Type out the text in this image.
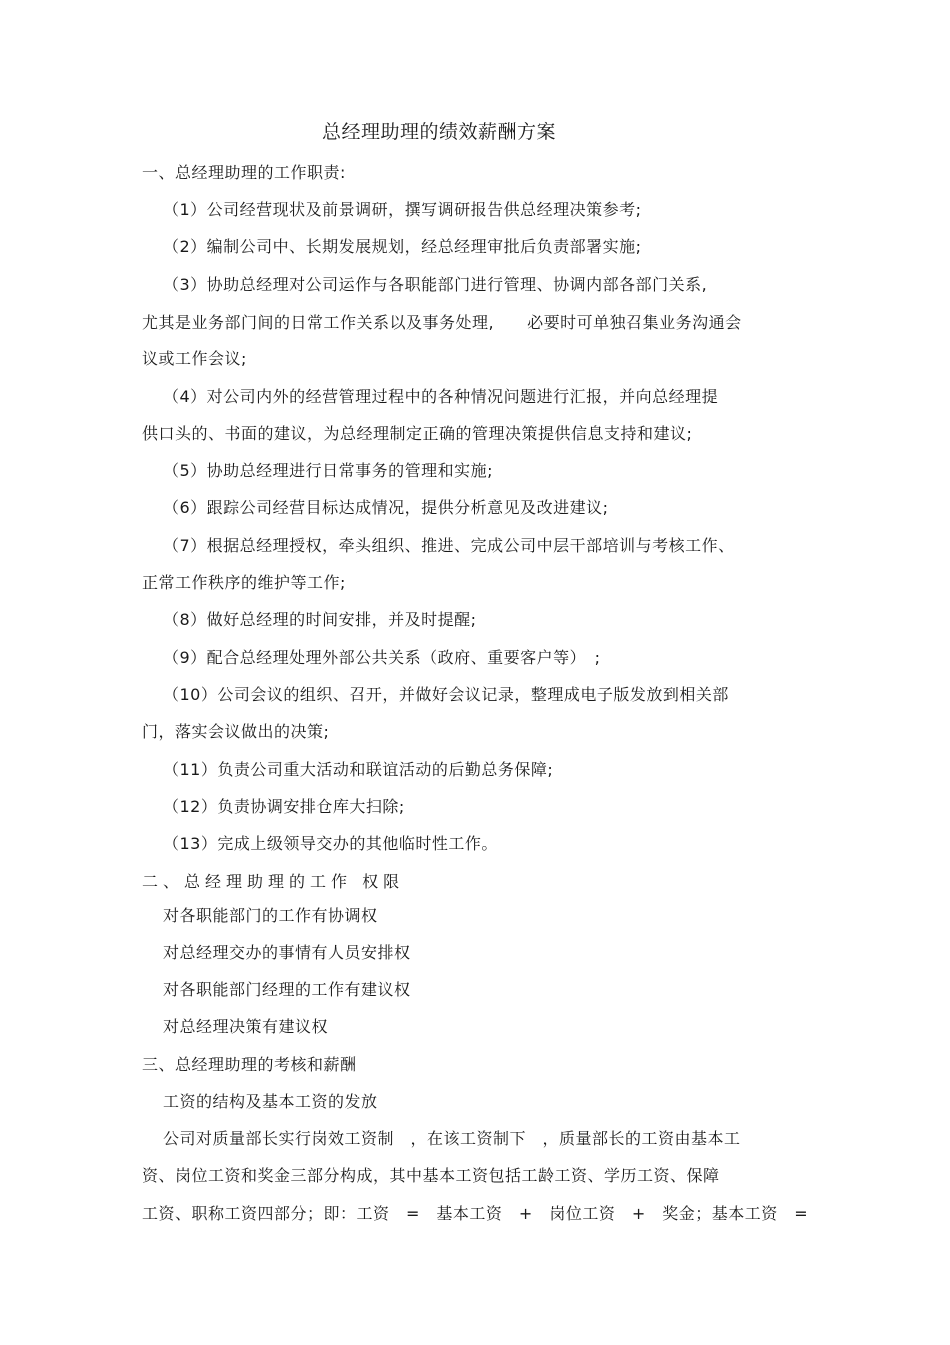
总经理助理的绩效薪酬方案
一、总经理助理的工作职责:
（1）公司经营现状及前景调研，撰写调研报告供总经理决策参考;
（2）编制公司中、长期发展规划，经总经理审批后负责部署实施;
（3）协助总经理对公司运作与各职能部门进行管理、协调内部各部门关系,
尤其是业务部门间的日常工作关系以及事务处理,　　必要时可单独召集业务沟通会
议或工作会议;
（4）对公司内外的经营管理过程中的各种情况问题进行汇报，并向总经理提
供口头的、书面的建议，为总经理制定正确的管理决策提供信息支持和建议;
（5）协助总经理进行日常事务的管理和实施;
（6）跟踪公司经营目标达成情况，提供分析意见及改进建议;
（7）根据总经理授权，牵头组织、推进、完成公司中层干部培训与考核工作、
正常工作秩序的维护等工作;
（8）做好总经理的时间安排，并及时提醒;
（9）配合总经理处理外部公共关系（政府、重要客户等）　;
（10）公司会议的组织、召开，并做好会议记录，整理成电子版发放到相关部
门，落实会议做出的决策;
（11）负责公司重大活动和联谊活动的后勤总务保障;
（12）负责协调安排仓库大扫除;
（13）完成上级领导交办的其他临时性工作。
二、总经理助理的工作 权限
对各职能部门的工作有协调权
对总经理交办的事情有人员安排权
对各职能部门经理的工作有建议权
对总经理决策有建议权
三、总经理助理的考核和薪酬
工资的结构及基本工资的发放
公司对质量部长实行岗效工资制　，在该工资制下　，质量部长的工资由基本工
资、岗位工资和奖金三部分构成，其中基本工资包括工龄工资、学历工资、保障
工资、职称工资四部分；即：工资　=　基本工资　+　岗位工资　+　奖金；基本工资　=
